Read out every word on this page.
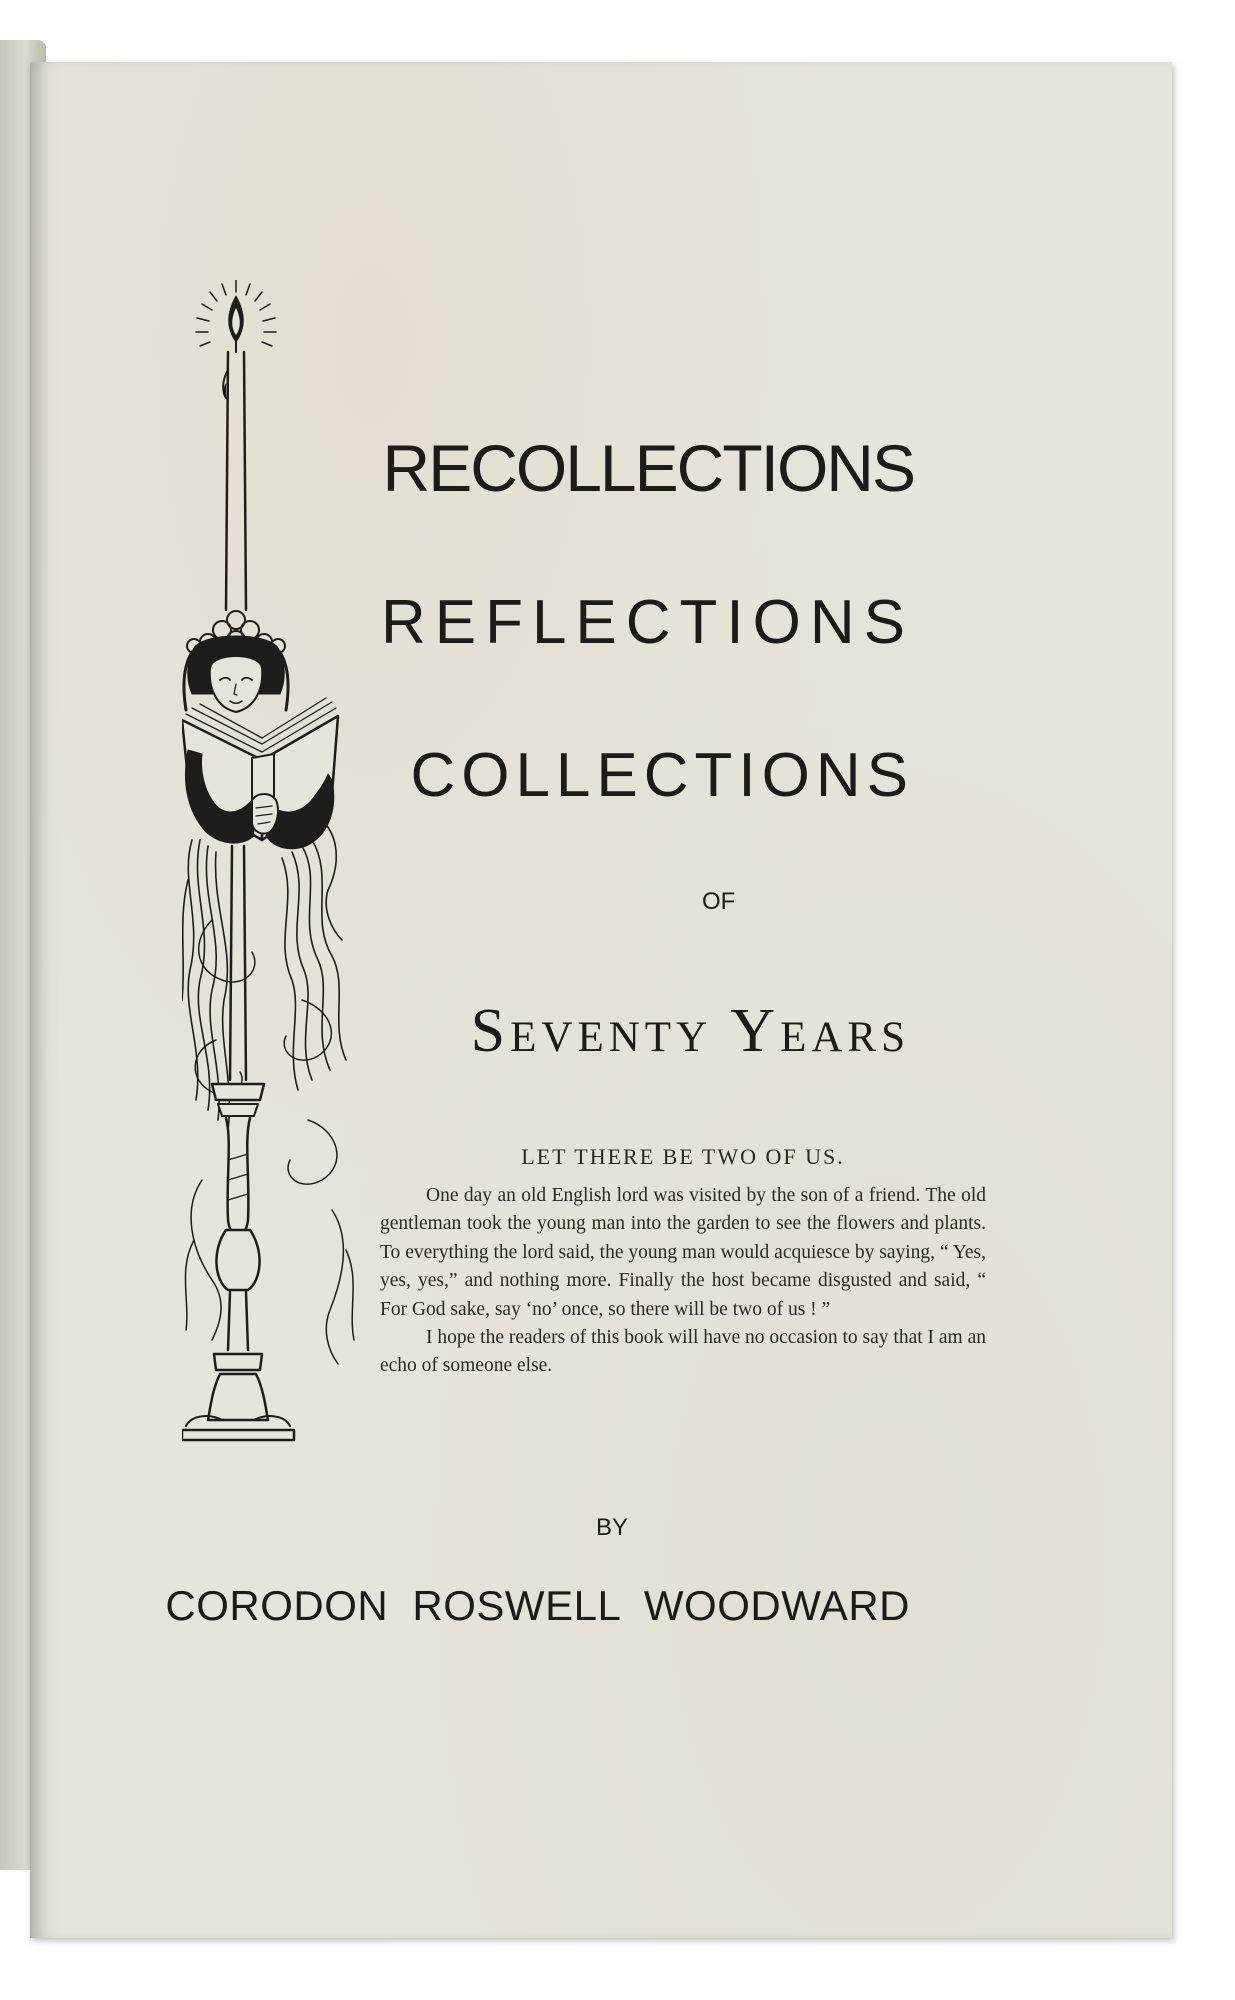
RECOLLECTIONS
REFLECTIONS
COLLECTIONS
OF
Seventy Years

LET THERE BE TWO OF US.

One day an old English lord was visited by the son of a friend. The old gentleman took the young man into the garden to see the flowers and plants. To everything the lord said, the young man would acquiesce by saying, “ Yes, yes, yes,” and nothing more. Finally the host became disgusted and said, “ For God sake, say ‘no’ once, so there will be two of us ! ”

I hope the readers of this book will have no occasion to say that I am an echo of someone else.

BY
CORODON ROSWELL WOODWARD
